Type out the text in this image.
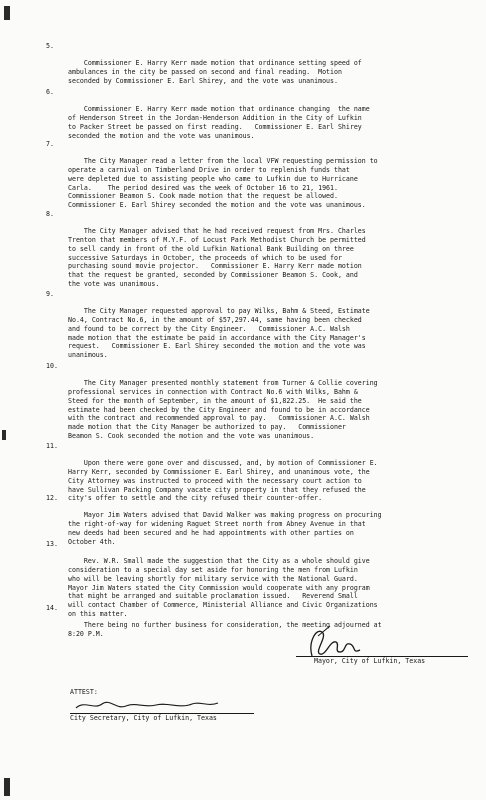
5.

Commissioner E. Harry Kerr made motion that ordinance setting speed of
ambulances in the city be passed on second and final reading.  Motion
seconded by Commissioner E. Earl Shirey, and the vote was unanimous.

6.

Commissioner E. Harry Kerr made motion that ordinance changing  the name
of Henderson Street in the Jordan-Henderson Addition in the City of Lufkin
to Packer Street be passed on first reading.   Commissioner E. Earl Shirey
seconded the motion and the vote was unanimous.

7.

The City Manager read a letter from the local VFW requesting permission to
operate a carnival on Timberland Drive in order to replenish funds that
were depleted due to assisting people who came to Lufkin due to Hurricane
Carla.    The period desired was the week of October 16 to 21, 1961.
Commissioner Beamon S. Cook made motion that the request be allowed.
Commissioner E. Earl Shirey seconded the motion and the vote was unanimous.

8.

The City Manager advised that he had received request from Mrs. Charles
Trenton that members of M.Y.F. of Locust Park Methodist Church be permitted
to sell candy in front of the old Lufkin National Bank Building on three
successive Saturdays in October, the proceeds of which to be used for
purchasing sound movie projector.   Commissioner E. Harry Kerr made motion
that the request be granted, seconded by Commissioner Beamon S. Cook, and
the vote was unanimous.

9.

The City Manager requested approval to pay Wilks, Bahm & Steed, Estimate
No.4, Contract No.6, in the amount of $57,297.44, same having been checked
and found to be correct by the City Engineer.   Commissioner A.C. Walsh
made motion that the estimate be paid in accordance with the City Manager's
request.   Commissioner E. Earl Shirey seconded the motion and the vote was
unanimous.

10.

The City Manager presented monthly statement from Turner & Collie covering
professional services in connection with Contract No.6 with Wilks, Bahm &
Steed for the month of September, in the amount of $1,822.25.  He said the
estimate had been checked by the City Engineer and found to be in accordance
with the contract and recommended approval to pay.   Commissioner A.C. Walsh
made motion that the City Manager be authorized to pay.   Commissioner
Beamon S. Cook seconded the motion and the vote was unanimous.

11.

Upon there were gone over and discussed, and, by motion of Commissioner E.
Harry Kerr, seconded by Commissioner E. Earl Shirey, and unanimous vote, the
City Attorney was instructed to proceed with the necessary court action to
have Sullivan Packing Company vacate city property in that they refused the
city's offer to settle and the city refused their counter-offer.

12.

Mayor Jim Waters advised that David Walker was making progress on procuring
the right-of-way for widening Raguet Street north from Abney Avenue in that
new deeds had been secured and he had appointments with other parties on
October 4th.

13.

Rev. W.R. Small made the suggestion that the City as a whole should give
consideration to a special day set aside for honoring the men from Lufkin
who will be leaving shortly for military service with the National Guard.
Mayor Jim Waters stated the City Commission would cooperate with any program
that might be arranged and suitable proclamation issued.   Reverend Small
will contact Chamber of Commerce, Ministerial Alliance and Civic Organizations
on this matter.

14.

There being no further business for consideration, the meeting adjourned at
8:20 P.M.

Mayor, City of Lufkin, Texas
ATTEST:
City Secretary, City of Lufkin, Texas
